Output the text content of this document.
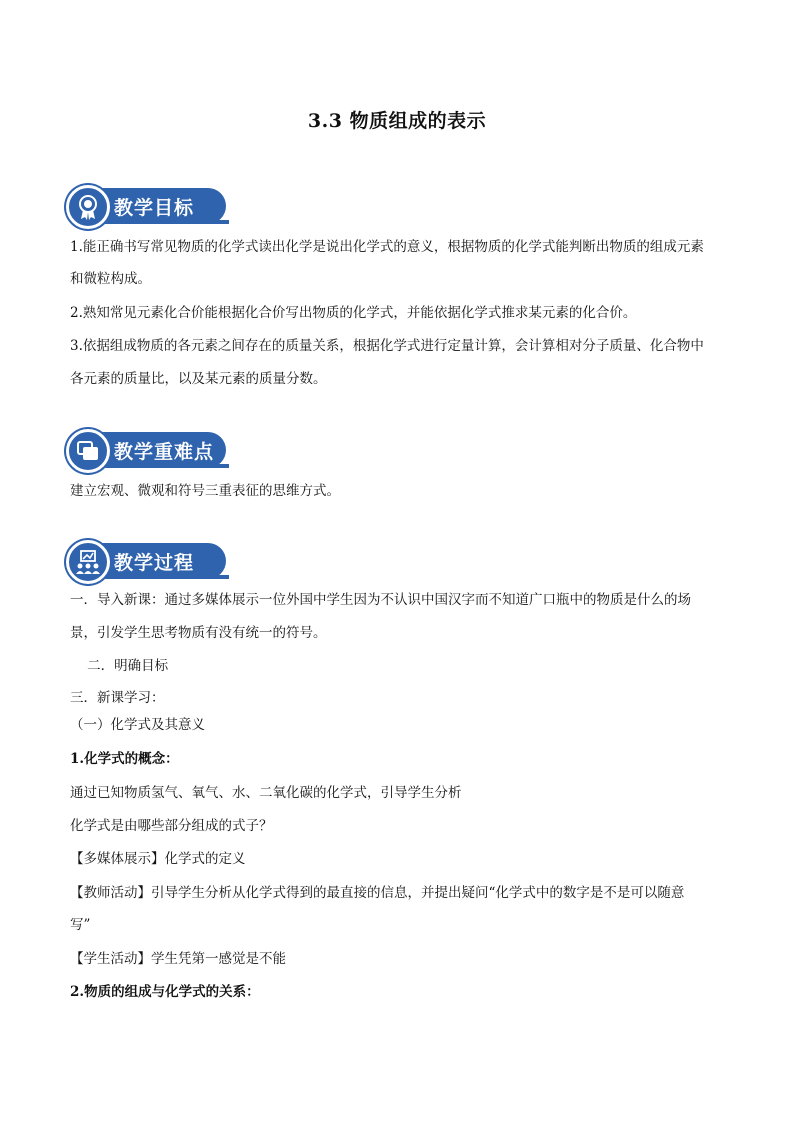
3.3 物质组成的表示
教学目标
1.能正确书写常见物质的化学式读出化学是说出化学式的意义，根据物质的化学式能判断出物质的组成元素
和微粒构成。
2.熟知常见元素化合价能根据化合价写出物质的化学式，并能依据化学式推求某元素的化合价。
3.依据组成物质的各元素之间存在的质量关系，根据化学式进行定量计算，会计算相对分子质量、化合物中
各元素的质量比，以及某元素的质量分数。
教学重难点
建立宏观、微观和符号三重表征的思维方式。
教学过程
一．导入新课：通过多媒体展示一位外国中学生因为不认识中国汉字而不知道广口瓶中的物质是什么的场
景，引发学生思考物质有没有统一的符号。
二．明确目标
三．新课学习：
（一）化学式及其意义
1.化学式的概念：
通过已知物质氢气、氧气、水、二氧化碳的化学式，引导学生分析
化学式是由哪些部分组成的式子？
【多媒体展示】化学式的定义
【教师活动】引导学生分析从化学式得到的最直接的信息，并提出疑问“化学式中的数字是不是可以随意
写”
【学生活动】学生凭第一感觉是不能
2.物质的组成与化学式的关系：
